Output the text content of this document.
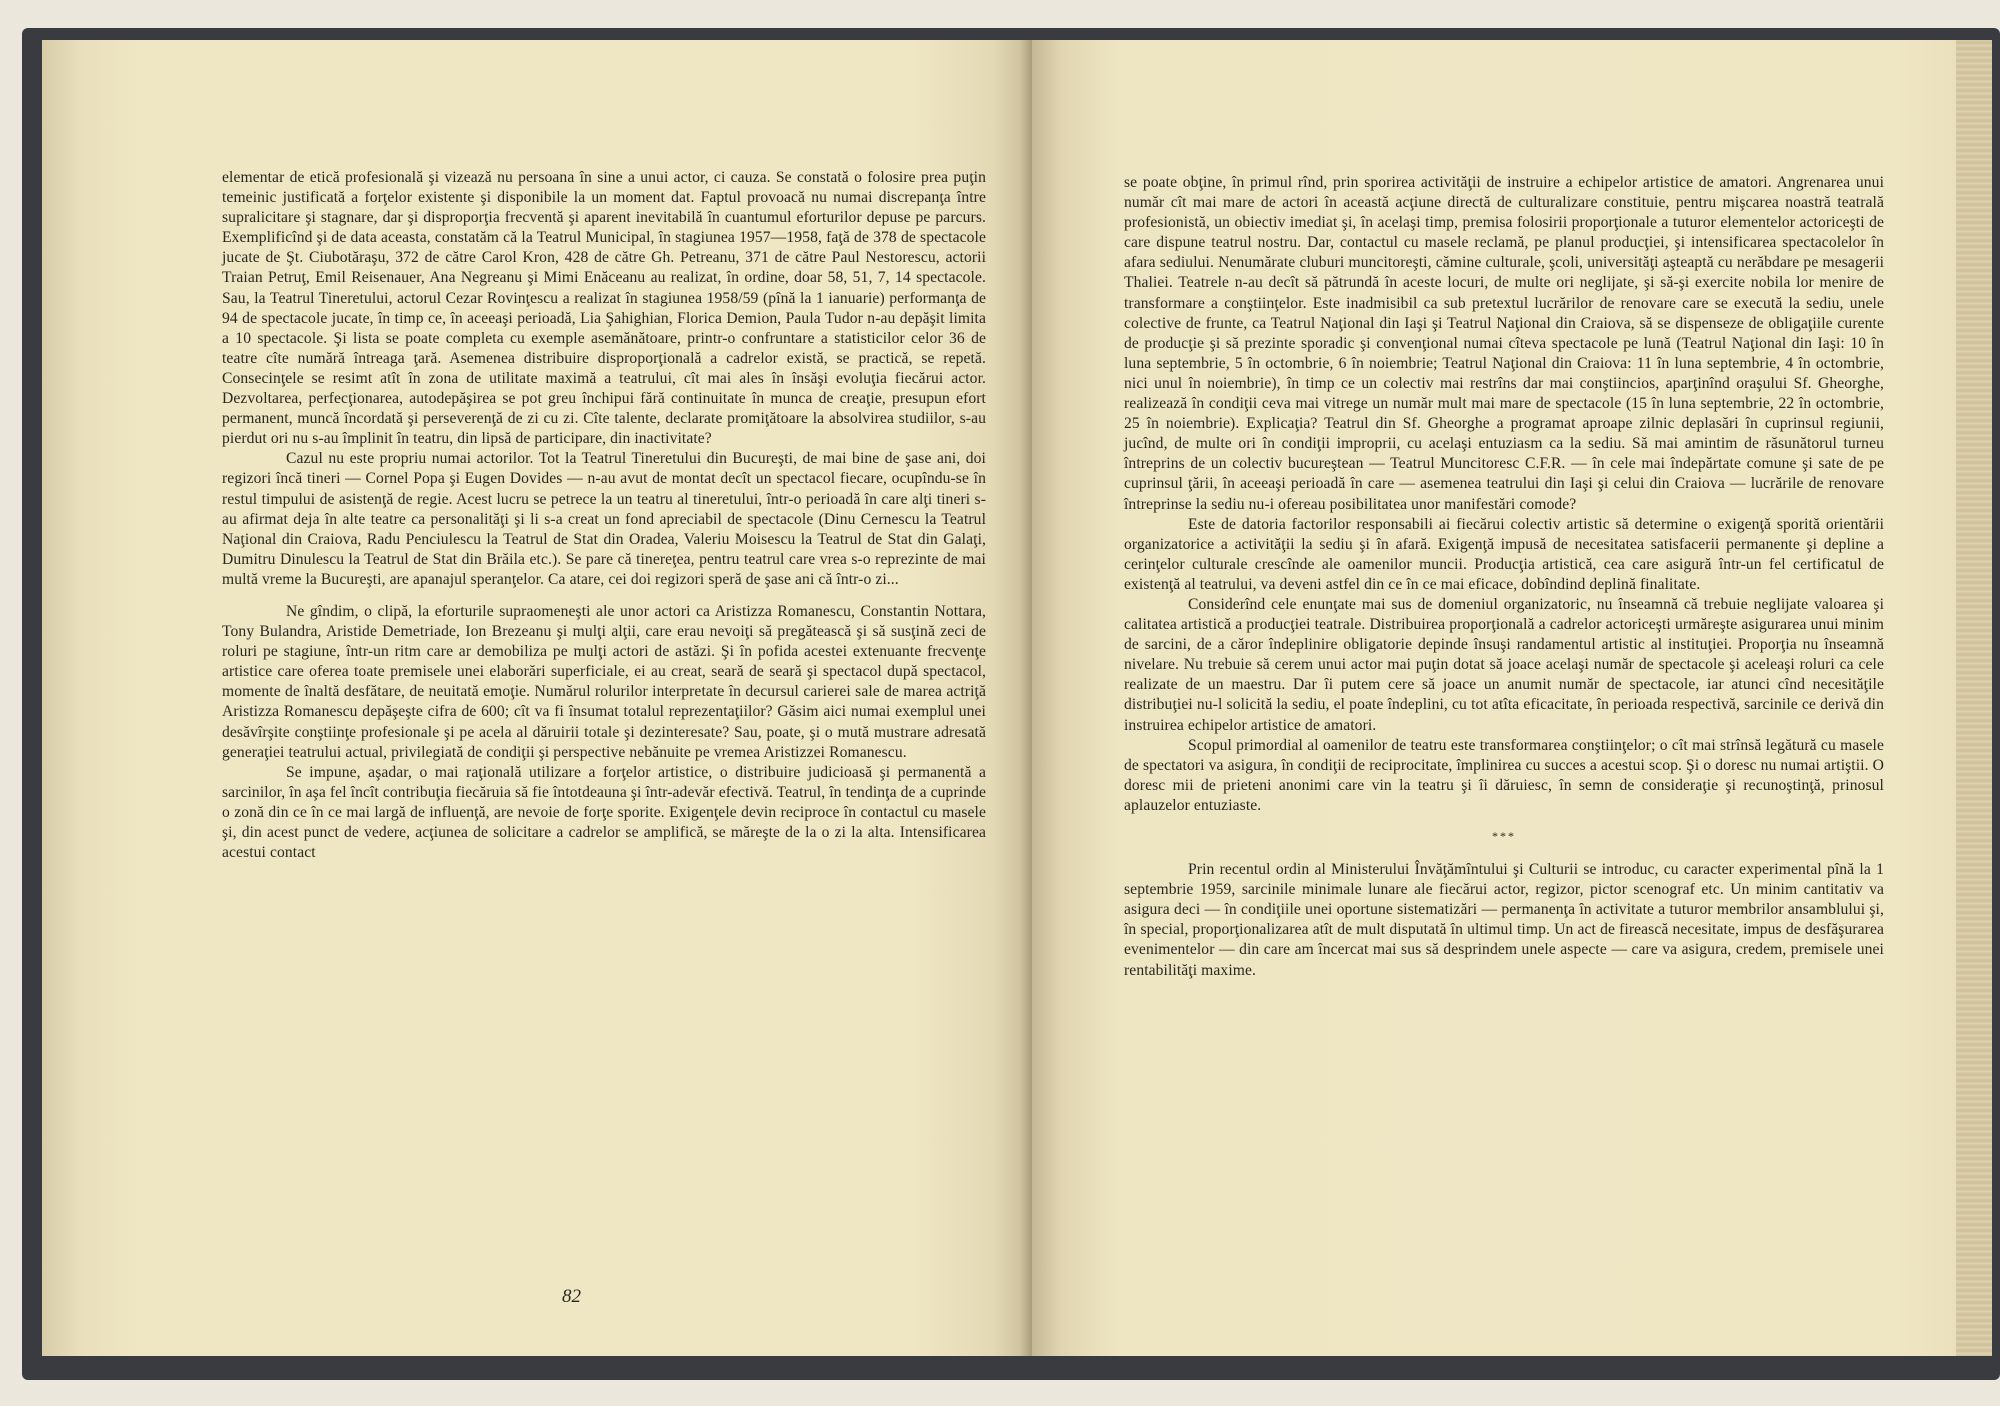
elementar de etică profesională şi vizează nu persoana în sine a unui actor, ci cauza. Se constată o folosire prea puţin temeinic justificată a forţelor existente şi disponibile la un moment dat. Faptul provoacă nu numai discrepanţa între supralicitare şi stagnare, dar şi disproporţia frecventă şi aparent inevitabilă în cuantumul eforturilor depuse pe parcurs. Exemplificînd şi de data aceasta, constatăm că la Teatrul Municipal, în stagiunea 1957—1958, faţă de 378 de spectacole jucate de Şt. Ciubotăraşu, 372 de către Carol Kron, 428 de către Gh. Petreanu, 371 de către Paul Nestorescu, actorii Traian Petruţ, Emil Reisenauer, Ana Negreanu şi Mimi Enăceanu au realizat, în ordine, doar 58, 51, 7, 14 spectacole. Sau, la Teatrul Tineretului, actorul Cezar Rovinţescu a realizat în stagiunea 1958/59 (pînă la 1 ianuarie) performanţa de 94 de spectacole jucate, în timp ce, în aceeaşi perioadă, Lia Şahighian, Florica Demion, Paula Tudor n-au depăşit limita a 10 spectacole. Şi lista se poate completa cu exemple asemănătoare, printr-o confruntare a statisticilor celor 36 de teatre cîte numără întreaga ţară. Asemenea distribuire disproporţională a cadrelor există, se practică, se repetă. Consecinţele se resimt atît în zona de utilitate maximă a teatrului, cît mai ales în însăşi evoluţia fiecărui actor. Dezvoltarea, perfecţionarea, autodepăşirea se pot greu închipui fără continuitate în munca de creaţie, presupun efort permanent, muncă încordată şi perseverenţă de zi cu zi. Cîte talente, declarate promiţătoare la absolvirea studiilor, s-au pierdut ori nu s-au împlinit în teatru, din lipsă de participare, din inactivitate?

Cazul nu este propriu numai actorilor. Tot la Teatrul Tineretului din Bucureşti, de mai bine de şase ani, doi regizori încă tineri — Cornel Popa şi Eugen Dovides — n-au avut de montat decît un spectacol fiecare, ocupîndu-se în restul timpului de asistenţă de regie. Acest lucru se petrece la un teatru al tineretului, într-o perioadă în care alţi tineri s-au afirmat deja în alte teatre ca personalităţi şi li s-a creat un fond apreciabil de spectacole (Dinu Cernescu la Teatrul Naţional din Craiova, Radu Penciulescu la Teatrul de Stat din Oradea, Valeriu Moisescu la Teatrul de Stat din Galaţi, Dumitru Dinulescu la Teatrul de Stat din Brăila etc.). Se pare că tinereţea, pentru teatrul care vrea s-o reprezinte de mai multă vreme la Bucureşti, are apanajul speranţelor. Ca atare, cei doi regizori speră de şase ani că într-o zi...

Ne gîndim, o clipă, la eforturile supraomeneşti ale unor actori ca Aristizza Romanescu, Constantin Nottara, Tony Bulandra, Aristide Demetriade, Ion Brezeanu şi mulţi alţii, care erau nevoiţi să pregătească şi să susţină zeci de roluri pe stagiune, într-un ritm care ar demobiliza pe mulţi actori de astăzi. Şi în pofida acestei extenuante frecvenţe artistice care oferea toate premisele unei elaborări superficiale, ei au creat, seară de seară şi spectacol după spectacol, momente de înaltă desfătare, de neuitată emoţie. Numărul rolurilor interpretate în decursul carierei sale de marea actriţă Aristizza Romanescu depăşeşte cifra de 600; cît va fi însumat totalul reprezentaţiilor? Găsim aici numai exemplul unei desăvîrşite conştiinţe profesionale şi pe acela al dăruirii totale şi dezinteresate? Sau, poate, şi o mută mustrare adresată generaţiei teatrului actual, privilegiată de condiţii şi perspective nebănuite pe vremea Aristizzei Romanescu.

Se impune, aşadar, o mai raţională utilizare a forţelor artistice, o distribuire judicioasă şi permanentă a sarcinilor, în aşa fel încît contribuţia fiecăruia să fie întotdeauna şi într-adevăr efectivă. Teatrul, în tendinţa de a cuprinde o zonă din ce în ce mai largă de influenţă, are nevoie de forţe sporite. Exigenţele devin reciproce în contactul cu masele şi, din acest punct de vedere, acţiunea de solicitare a cadrelor se amplifică, se măreşte de la o zi la alta. Intensificarea acestui contact

82

se poate obţine, în primul rînd, prin sporirea activităţii de instruire a echipelor artistice de amatori. Angrenarea unui număr cît mai mare de actori în această acţiune directă de culturalizare constituie, pentru mişcarea noastră teatrală profesionistă, un obiectiv imediat şi, în acelaşi timp, premisa folosirii proporţionale a tuturor elementelor actoriceşti de care dispune teatrul nostru. Dar, contactul cu masele reclamă, pe planul producţiei, şi intensificarea spectacolelor în afara sediului. Nenumărate cluburi muncitoreşti, cămine culturale, şcoli, universităţi aşteaptă cu nerăbdare pe mesagerii Thaliei. Teatrele n-au decît să pătrundă în aceste locuri, de multe ori neglijate, şi să-şi exercite nobila lor menire de transformare a conştiinţelor. Este inadmisibil ca sub pretextul lucrărilor de renovare care se execută la sediu, unele colective de frunte, ca Teatrul Naţional din Iaşi şi Teatrul Naţional din Craiova, să se dispenseze de obligaţiile curente de producţie şi să prezinte sporadic şi convenţional numai cîteva spectacole pe lună (Teatrul Naţional din Iaşi: 10 în luna septembrie, 5 în octombrie, 6 în noiembrie; Teatrul Naţional din Craiova: 11 în luna septembrie, 4 în octombrie, nici unul în noiembrie), în timp ce un colectiv mai restrîns dar mai conştiincios, aparţinînd oraşului Sf. Gheorghe, realizează în condiţii ceva mai vitrege un număr mult mai mare de spectacole (15 în luna septembrie, 22 în octombrie, 25 în noiembrie). Explicaţia? Teatrul din Sf. Gheorghe a programat aproape zilnic deplasări în cuprinsul regiunii, jucînd, de multe ori în condiţii improprii, cu acelaşi entuziasm ca la sediu. Să mai amintim de răsunătorul turneu întreprins de un colectiv bucureştean — Teatrul Muncitoresc C.F.R. — în cele mai îndepărtate comune şi sate de pe cuprinsul ţării, în aceeaşi perioadă în care — asemenea teatrului din Iaşi şi celui din Craiova — lucrările de renovare întreprinse la sediu nu-i ofereau posibilitatea unor manifestări comode?

Este de datoria factorilor responsabili ai fiecărui colectiv artistic să determine o exigenţă sporită orientării organizatorice a activităţii la sediu şi în afară. Exigenţă impusă de necesitatea satisfacerii permanente şi depline a cerinţelor culturale crescînde ale oamenilor muncii. Producţia artistică, cea care asigură într-un fel certificatul de existenţă al teatrului, va deveni astfel din ce în ce mai eficace, dobîndind deplină finalitate.

Considerînd cele enunţate mai sus de domeniul organizatoric, nu înseamnă că trebuie neglijate valoarea şi calitatea artistică a producţiei teatrale. Distribuirea proporţională a cadrelor actoriceşti urmăreşte asigurarea unui minim de sarcini, de a căror îndeplinire obligatorie depinde însuşi randamentul artistic al instituţiei. Proporţia nu înseamnă nivelare. Nu trebuie să cerem unui actor mai puţin dotat să joace acelaşi număr de spectacole şi aceleaşi roluri ca cele realizate de un maestru. Dar îi putem cere să joace un anumit număr de spectacole, iar atunci cînd necesităţile distribuţiei nu-l solicită la sediu, el poate îndeplini, cu tot atîta eficacitate, în perioada respectivă, sarcinile ce derivă din instruirea echipelor artistice de amatori.

Scopul primordial al oamenilor de teatru este transformarea conştiinţelor; o cît mai strînsă legătură cu masele de spectatori va asigura, în condiţii de reciprocitate, împlinirea cu succes a acestui scop. Şi o doresc nu numai artiştii. O doresc mii de prieteni anonimi care vin la teatru şi îi dăruiesc, în semn de consideraţie şi recunoştinţă, prinosul aplauzelor entuziaste.

***

Prin recentul ordin al Ministerului Învăţămîntului şi Culturii se introduc, cu caracter experimental pînă la 1 septembrie 1959, sarcinile minimale lunare ale fiecărui actor, regizor, pictor scenograf etc. Un minim cantitativ va asigura deci — în condiţiile unei oportune sistematizări — permanenţa în activitate a tuturor membrilor ansamblului şi, în special, proporţionalizarea atît de mult disputată în ultimul timp. Un act de firească necesitate, impus de desfăşurarea evenimentelor — din care am încercat mai sus să desprindem unele aspecte — care va asigura, credem, premisele unei rentabilităţi maxime.
